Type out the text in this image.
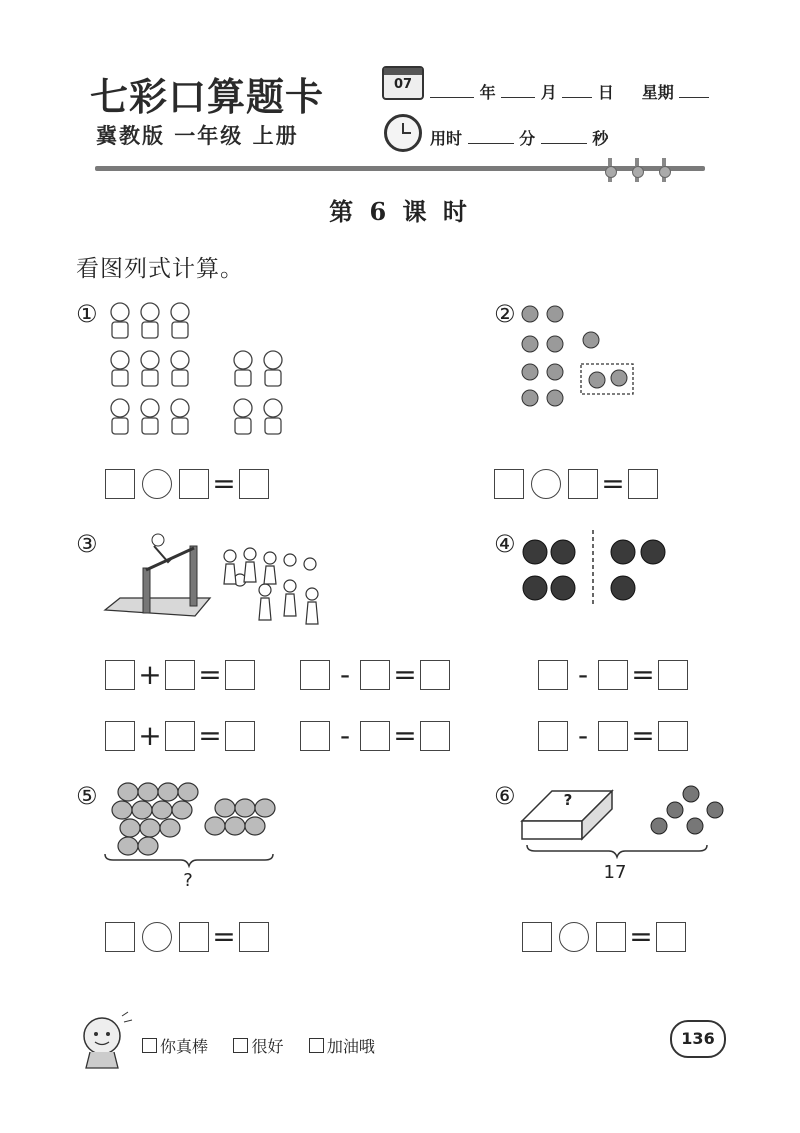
七彩口算题卡
冀教版 一年级 上册
07	年	月	日 星期
用时	分	秒
第 6 课 时
看图列式计算。
①
=
②
=
③	④
+ =	- =	- =
+ =	- =	- =
⑤
?
=
⑥	?
17
=
你真棒	很好	加油哦	136
